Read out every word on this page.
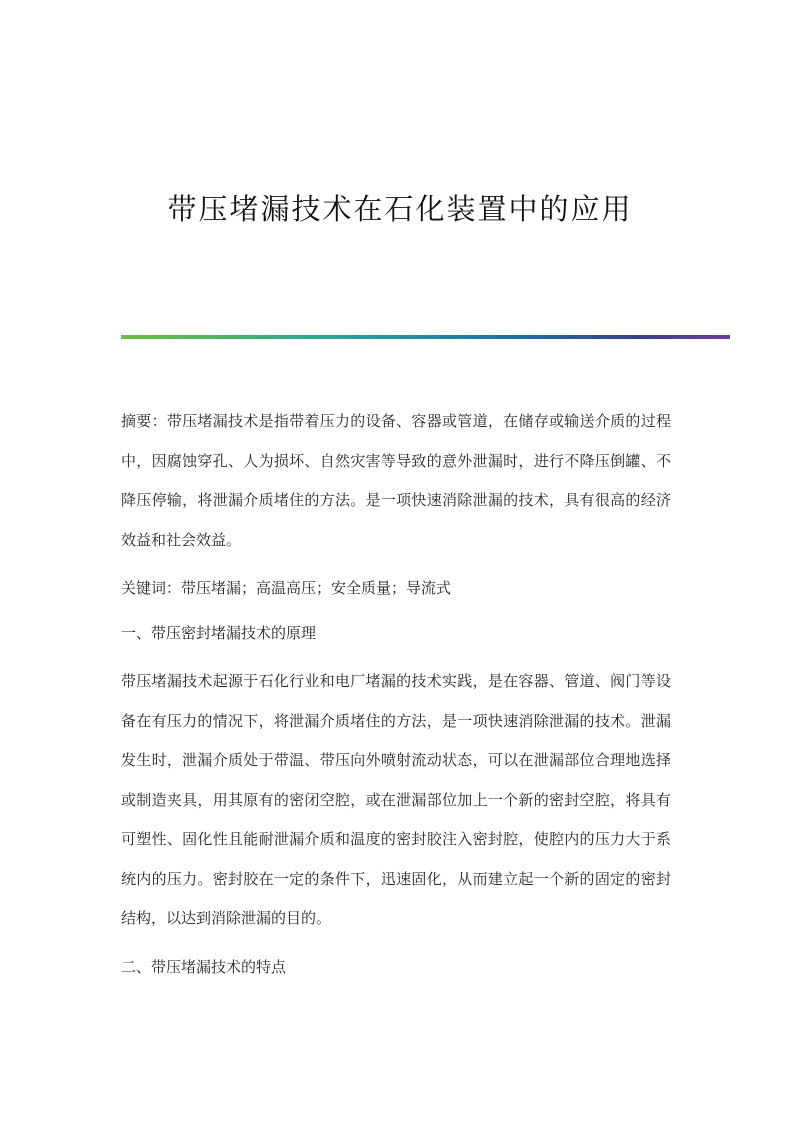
带压堵漏技术在石化装置中的应用

摘要：带压堵漏技术是指带着压力的设备、容器或管道，在储存或输送介质的过程中，因腐蚀穿孔、人为损坏、自然灾害等导致的意外泄漏时，进行不降压倒罐、不降压停输，将泄漏介质堵住的方法。是一项快速消除泄漏的技术，具有很高的经济效益和社会效益。

关键词：带压堵漏；高温高压；安全质量；导流式

一、带压密封堵漏技术的原理

带压堵漏技术起源于石化行业和电厂堵漏的技术实践，是在容器、管道、阀门等设备在有压力的情况下，将泄漏介质堵住的方法，是一项快速消除泄漏的技术。泄漏发生时，泄漏介质处于带温、带压向外喷射流动状态，可以在泄漏部位合理地选择或制造夹具，用其原有的密闭空腔，或在泄漏部位加上一个新的密封空腔，将具有可塑性、固化性且能耐泄漏介质和温度的密封胶注入密封腔，使腔内的压力大于系统内的压力。密封胶在一定的条件下，迅速固化，从而建立起一个新的固定的密封结构，以达到消除泄漏的目的。

二、带压堵漏技术的特点
